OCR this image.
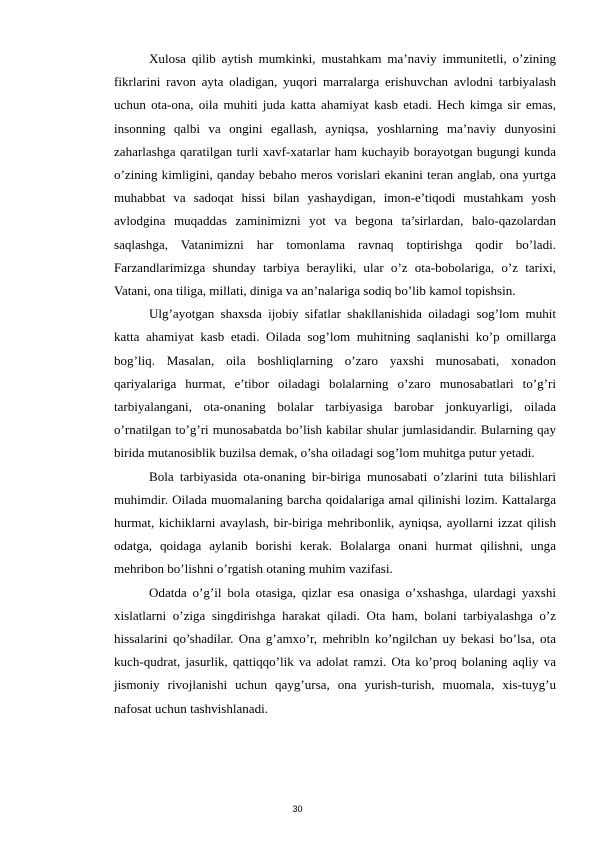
Xulosa qilib aytish mumkinki, mustahkam ma’naviy immunitetli, o’zining fikrlarini ravon ayta oladigan, yuqori marralarga erishuvchan avlodni tarbiyalash uchun ota-ona, oila muhiti juda katta ahamiyat kasb etadi. Hech kimga sir emas, insonning qalbi va ongini egallash, ayniqsa, yoshlarning ma’naviy dunyosini zaharlashga qaratilgan turli xavf-xatarlar ham kuchayib borayotgan bugungi kunda o’zining kimligini, qanday bebaho meros vorislari ekanini teran anglab, ona yurtga muhabbat va sadoqat hissi bilan yashaydigan, imon-e’tiqodi mustahkam yosh avlodgina muqaddas zaminimizni yot va begona ta’sirlardan, balo-qazolardan saqlashga, Vatanimizni har tomonlama ravnaq toptirishga qodir bo’ladi. Farzandlarimizga shunday tarbiya beraylikі, ular o’z ota-bobolariga, o’z tarixi, Vatani, ona tiliga, millati, diniga va an’nalariga sodiq bo’lib kamol topishsin.

Ulg’ayotgan shaxsda ijobiy sifatlar shakllanishida oiladagi sog’lom muhit katta ahamiyat kasb etadi. Oilada sog’lom muhitning saqlanishi ko’p omillarga bog’liq. Masalan, oila boshliqlarning o’zaro yaxshi munosabati, xonadon qariyalariga hurmat, e’tibor oiladagi bolalarning o’zaro munosabatlari to’g’ri tarbiyalangani, ota-onaning bolalar tarbiyasiga barobar jonkuyarligi, oilada o’rnatilgan to’g’ri munosabatda bo’lish kabilar shular jumlasidandir. Bularning qay birida mutanosiblik buzilsa demak, o’sha oiladagi sog’lom muhitga putur yetadi.

Bola tarbiyasida ota-onaning bir-biriga munosabati o’zlarini tuta bilishlari muhimdir. Oilada muomalaning barcha qoidalariga amal qilinishi lozim. Kattalarga hurmat, kichiklarni avaylash, bir-biriga mehribonlik, ayniqsa, ayollarni izzat qilish odatga, qoidaga aylanib borishi kerak. Bolalarga onani hurmat qilishni, unga mehribon bo’lishni o’rgatish otaning muhim vazifasi.

Odatda o’g’il bola otasiga, qizlar esa onasiga o’xshashga, ulardagi yaxshi xislatlarni o’ziga singdirishga harakat qiladi. Ota ham, bolani tarbiyalashga o’z hissalarini qo’shadilar. Ona g’amxo’r, mehribln ko’ngilchan uy bekasi bo’lsa, ota kuch-qudrat, jasurlik, qattiqqo’lik va adolat ramzi. Ota ko’proq bolaning aqliy va jismoniy rivojlanishi uchun qayg’ursa, ona yurish-turish, muomala, xis-tuyg’u nafosat uchun tashvishlanadi.

30
